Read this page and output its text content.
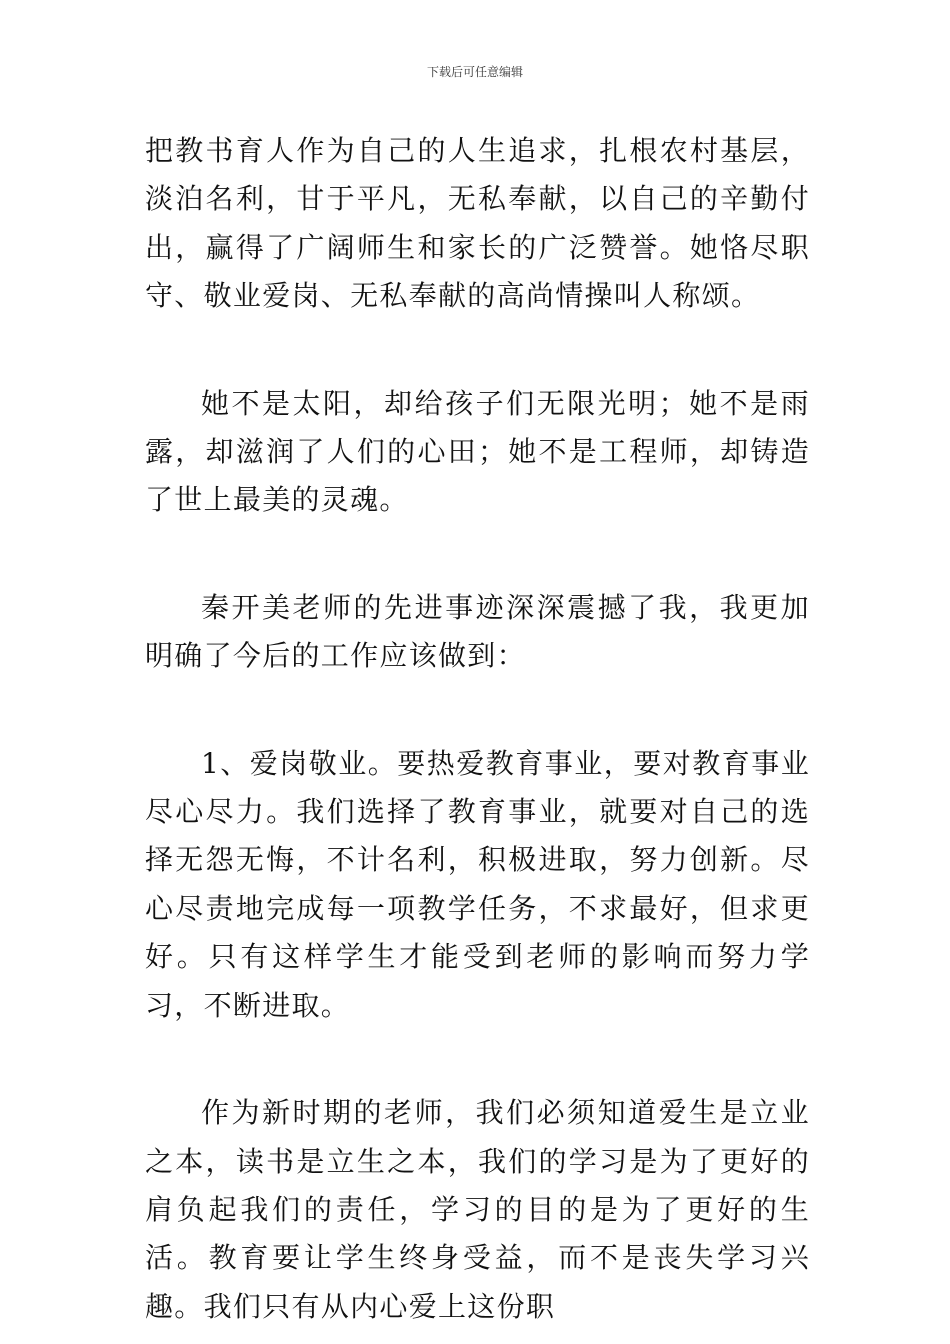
下载后可任意编辑

把教书育人作为自己的人生追求，扎根农村基层，淡泊名利，甘于平凡，无私奉献，以自己的辛勤付出，赢得了广阔师生和家长的广泛赞誉。她恪尽职守、敬业爱岗、无私奉献的高尚情操叫人称颂。

她不是太阳，却给孩子们无限光明；她不是雨露，却滋润了人们的心田；她不是工程师，却铸造了世上最美的灵魂。

秦开美老师的先进事迹深深震撼了我，我更加明确了今后的工作应该做到：

1、爱岗敬业。要热爱教育事业，要对教育事业尽心尽力。我们选择了教育事业，就要对自己的选择无怨无悔，不计名利，积极进取，努力创新。尽心尽责地完成每一项教学任务，不求最好，但求更好。只有这样学生才能受到老师的影响而努力学习，不断进取。

作为新时期的老师，我们必须知道爱生是立业之本，读书是立生之本，我们的学习是为了更好的肩负起我们的责任，学习的目的是为了更好的生活。教育要让学生终身受益，而不是丧失学习兴趣。我们只有从内心爱上这份职
